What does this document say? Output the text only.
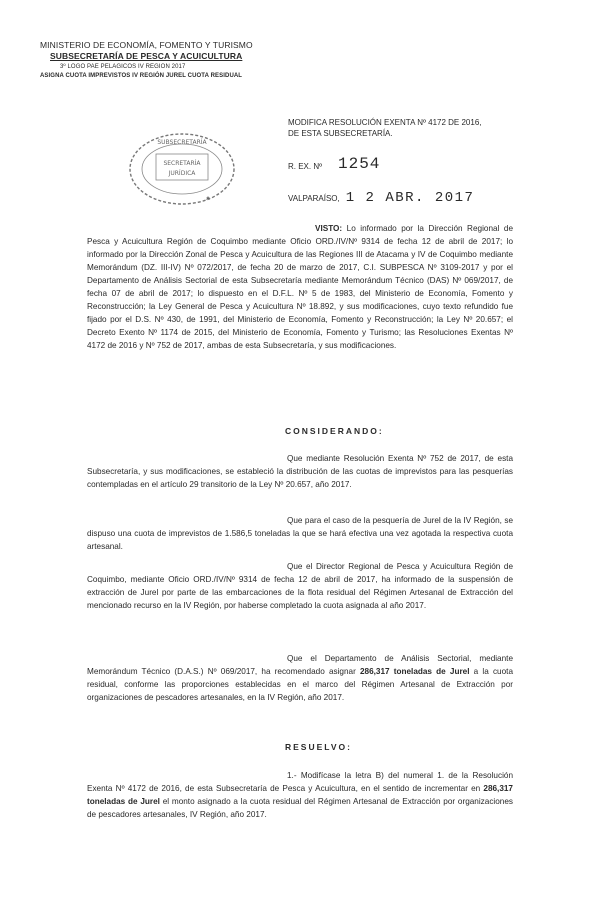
MINISTERIO DE ECONOMÍA, FOMENTO Y TURISMO
SUBSECRETARÍA DE PESCA Y ACUICULTURA
3º LOGO PAE PELAGICOS IV REGION 2017
ASIGNA CUOTA IMPREVISTOS IV REGIÓN JUREL CUOTA RESIDUAL
SUBSECRETARÍA
SECRETARÍA
JURÍDICA
MODIFICA RESOLUCIÓN EXENTA Nº 4172 DE 2016,
DE ESTA SUBSECRETARÍA.
R. EX. Nº 1254
VALPARAÍSO, 1 2 ABR. 2017

VISTO: Lo informado por la Dirección Regional de Pesca y Acuicultura Región de Coquimbo mediante Oficio ORD./IV/Nº 9314 de fecha 12 de abril de 2017; lo informado por la Dirección Zonal de Pesca y Acuicultura de las Regiones III de Atacama y IV de Coquimbo mediante Memorándum (DZ. III-IV) Nº 072/2017, de fecha 20 de marzo de 2017, C.I. SUBPESCA Nº 3109-2017 y por el Departamento de Análisis Sectorial de esta Subsecretaría mediante Memorándum Técnico (DAS) Nº 069/2017, de fecha 07 de abril de 2017; lo dispuesto en el D.F.L. Nº 5 de 1983, del Ministerio de Economía, Fomento y Reconstrucción; la Ley General de Pesca y Acuicultura Nº 18.892, y sus modificaciones, cuyo texto refundido fue fijado por el D.S. Nº 430, de 1991, del Ministerio de Economía, Fomento y Reconstrucción; la Ley Nº 20.657; el Decreto Exento Nº 1174 de 2015, del Ministerio de Economía, Fomento y Turismo; las Resoluciones Exentas Nº 4172 de 2016 y Nº 752 de 2017, ambas de esta Subsecretaría, y sus modificaciones.

CONSIDERANDO:

Que mediante Resolución Exenta Nº 752 de 2017, de esta Subsecretaría, y sus modificaciones, se estableció la distribución de las cuotas de imprevistos para las pesquerías contempladas en el artículo 29 transitorio de la Ley Nº 20.657, año 2017.

Que para el caso de la pesquería de Jurel de la IV Región, se dispuso una cuota de imprevistos de 1.586,5 toneladas la que se hará efectiva una vez agotada la respectiva cuota artesanal.

Que el Director Regional de Pesca y Acuicultura Región de Coquimbo, mediante Oficio ORD./IV/Nº 9314 de fecha 12 de abril de 2017, ha informado de la suspensión de extracción de Jurel por parte de las embarcaciones de la flota residual del Régimen Artesanal de Extracción del mencionado recurso en la IV Región, por haberse completado la cuota asignada al año 2017.

Que el Departamento de Análisis Sectorial, mediante Memorándum Técnico (D.A.S.) Nº 069/2017, ha recomendado asignar 286,317 toneladas de Jurel a la cuota residual, conforme las proporciones establecidas en el marco del Régimen Artesanal de Extracción por organizaciones de pescadores artesanales, en la IV Región, año 2017.

RESUELVO:

1.- Modifícase la letra B) del numeral 1. de la Resolución Exenta Nº 4172 de 2016, de esta Subsecretaría de Pesca y Acuicultura, en el sentido de incrementar en 286,317 toneladas de Jurel el monto asignado a la cuota residual del Régimen Artesanal de Extracción por organizaciones de pescadores artesanales, IV Región, año 2017.
